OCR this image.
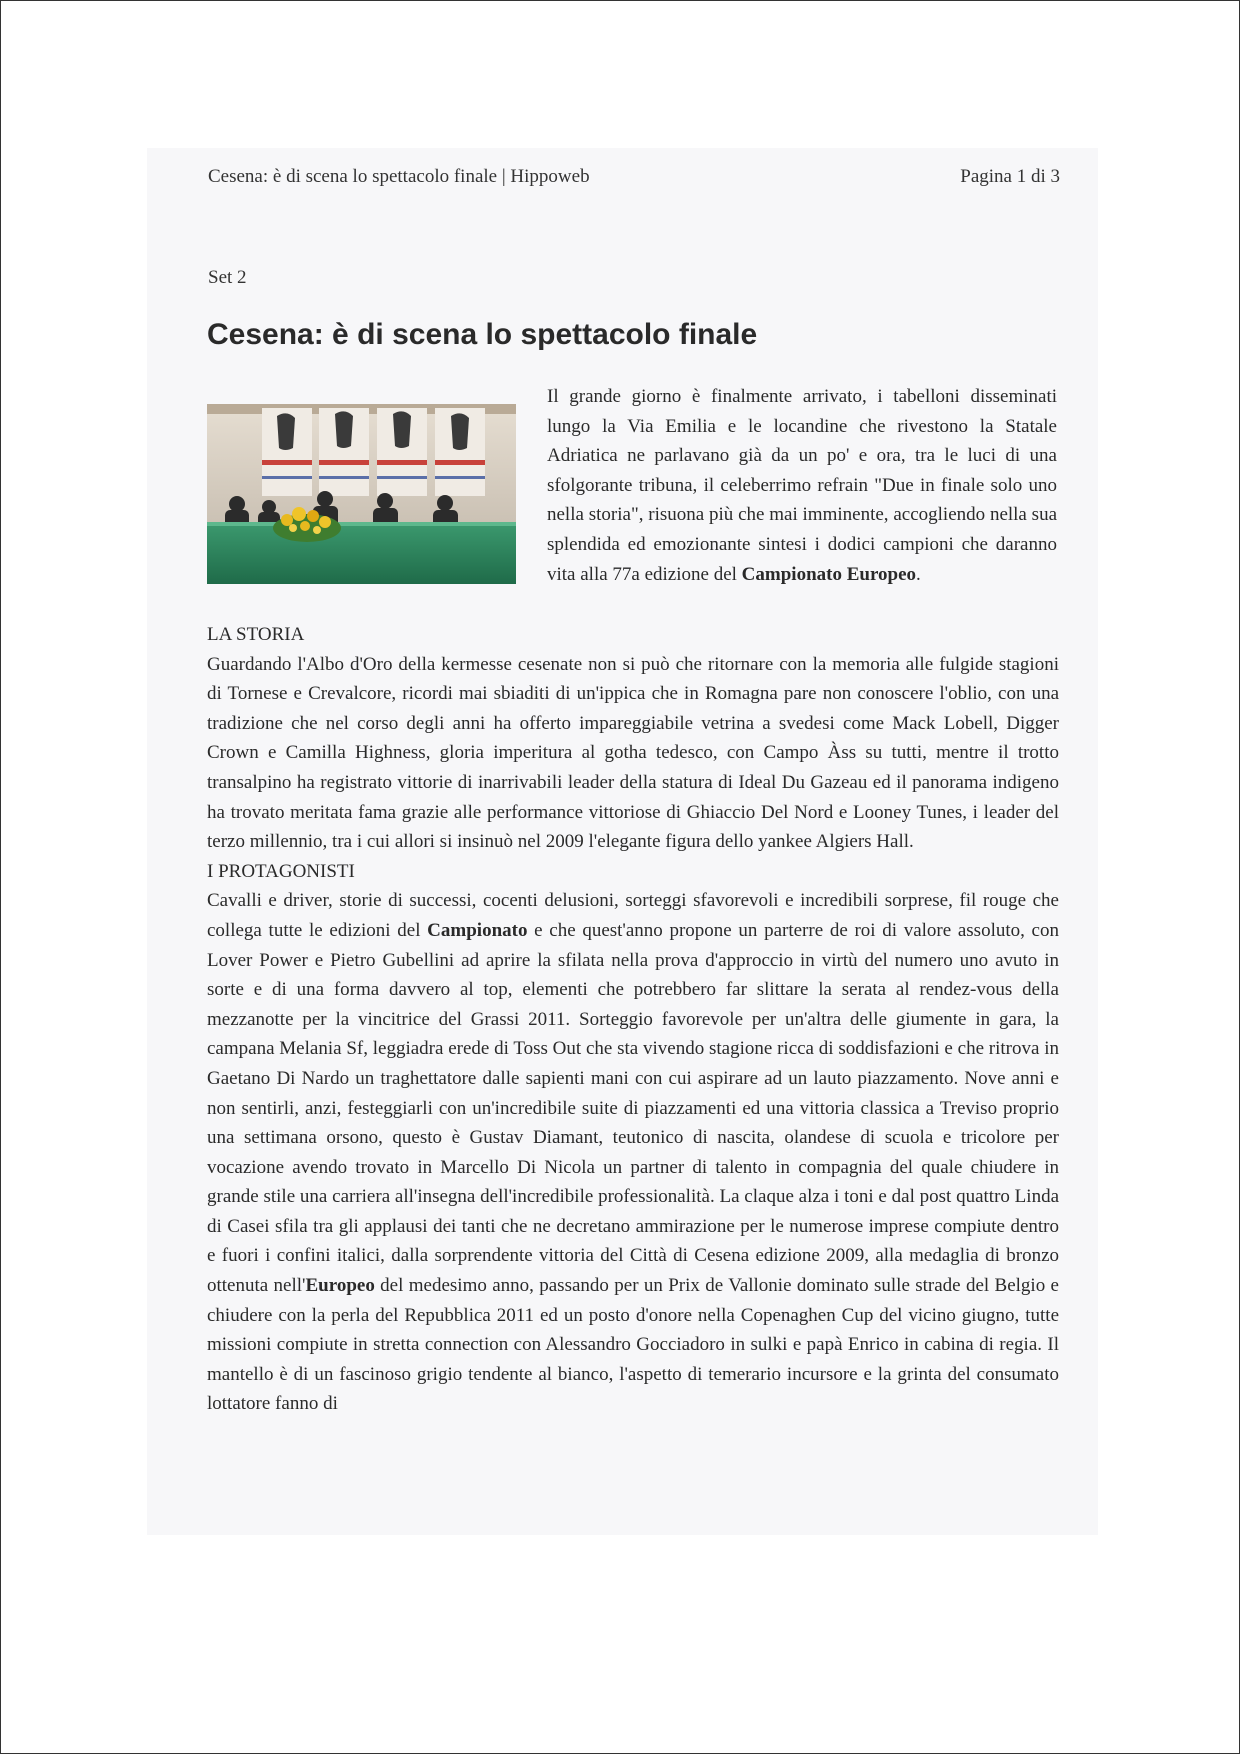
Cesena: è di scena lo spettacolo finale | Hippoweb	Pagina 1 di 3
Set 2
Cesena: è di scena lo spettacolo finale

Il grande giorno è finalmente arrivato, i tabelloni disseminati lungo la Via Emilia e le locandine che rivestono la Statale Adriatica ne parlavano già da un po' e ora, tra le luci di una sfolgorante tribuna, il celeberrimo refrain "Due in finale solo uno nella storia", risuona più che mai imminente, accogliendo nella sua splendida ed emozionante sintesi i dodici campioni che daranno vita alla 77a edizione del Campionato Europeo.

LA STORIA

Guardando l'Albo d'Oro della kermesse cesenate non si può che ritornare con la memoria alle fulgide stagioni di Tornese e Crevalcore, ricordi mai sbiaditi di un'ippica che in Romagna pare non conoscere l'oblio, con una tradizione che nel corso degli anni ha offerto impareggiabile vetrina a svedesi come Mack Lobell, Digger Crown e Camilla Highness, gloria imperitura al gotha tedesco, con Campo Àss su tutti, mentre il trotto transalpino ha registrato vittorie di inarrivabili leader della statura di Ideal Du Gazeau ed il panorama indigeno ha trovato meritata fama grazie alle performance vittoriose di Ghiaccio Del Nord e Looney Tunes, i leader del terzo millennio, tra i cui allori si insinuò nel 2009 l'elegante figura dello yankee Algiers Hall.

I PROTAGONISTI

Cavalli e driver, storie di successi, cocenti delusioni, sorteggi sfavorevoli e incredibili sorprese, fil rouge che collega tutte le edizioni del Campionato e che quest'anno propone un parterre de roi di valore assoluto, con Lover Power e Pietro Gubellini ad aprire la sfilata nella prova d'approccio in virtù del numero uno avuto in sorte e di una forma davvero al top, elementi che potrebbero far slittare la serata al rendez-vous della mezzanotte per la vincitrice del Grassi 2011. Sorteggio favorevole per un'altra delle giumente in gara, la campana Melania Sf, leggiadra erede di Toss Out che sta vivendo stagione ricca di soddisfazioni e che ritrova in Gaetano Di Nardo un traghettatore dalle sapienti mani con cui aspirare ad un lauto piazzamento. Nove anni e non sentirli, anzi, festeggiarli con un'incredibile suite di piazzamenti ed una vittoria classica a Treviso proprio una settimana orsono, questo è Gustav Diamant, teutonico di nascita, olandese di scuola e tricolore per vocazione avendo trovato in Marcello Di Nicola un partner di talento in compagnia del quale chiudere in grande stile una carriera all'insegna dell'incredibile professionalità. La claque alza i toni e dal post quattro Linda di Casei sfila tra gli applausi dei tanti che ne decretano ammirazione per le numerose imprese compiute dentro e fuori i confini italici, dalla sorprendente vittoria del Città di Cesena edizione 2009, alla medaglia di bronzo ottenuta nell'Europeo del medesimo anno, passando per un Prix de Vallonie dominato sulle strade del Belgio e chiudere con la perla del Repubblica 2011 ed un posto d'onore nella Copenaghen Cup del vicino giugno, tutte missioni compiute in stretta connection con Alessandro Gocciadoro in sulki e papà Enrico in cabina di regia. Il mantello è di un fascinoso grigio tendente al bianco, l'aspetto di temerario incursore e la grinta del consumato lottatore fanno di
